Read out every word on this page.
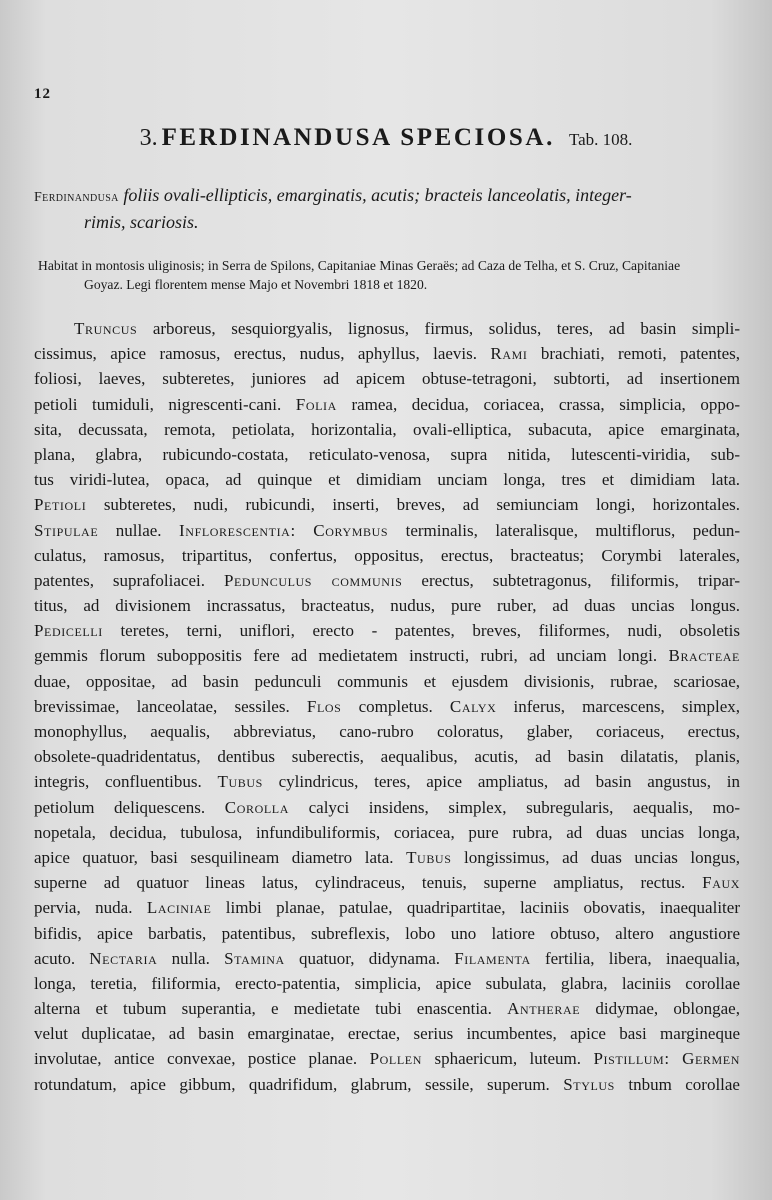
12
3. FERDINANDUSA SPECIOSA. Tab. 108.
Ferdinandusa foliis ovali-ellipticis, emarginatis, acutis; bracteis lanceolatis, integer-
rimis, scariosis.
Habitat in montosis uliginosis; in Serra de Spilons, Capitaniae Minas Geraës; ad Caza de Telha, et S. Cruz, Capitaniae
Goyaz. Legi florentem mense Majo et Novembri 1818 et 1820.
Truncus arboreus, sesquiorgyalis, lignosus, firmus, solidus, teres, ad basin simpli-
cissimus, apice ramosus, erectus, nudus, aphyllus, laevis. Rami brachiati, remoti, patentes,
foliosi, laeves, subteretes, juniores ad apicem obtuse-tetragoni, subtorti, ad insertionem
petioli tumiduli, nigrescenti-cani. Folia ramea, decidua, coriacea, crassa, simplicia, oppo-
sita, decussata, remota, petiolata, horizontalia, ovali-elliptica, subacuta, apice emarginata,
plana, glabra, rubicundo-costata, reticulato-venosa, supra nitida, lutescenti-viridia, sub-
tus viridi-lutea, opaca, ad quinque et dimidiam unciam longa, tres et dimidiam lata.
Petioli subteretes, nudi, rubicundi, inserti, breves, ad semiunciam longi, horizontales.
Stipulae nullae. Inflorescentia: Corymbus terminalis, lateralisque, multiflorus, pedun-
culatus, ramosus, tripartitus, confertus, oppositus, erectus, bracteatus; Corymbi laterales,
patentes, suprafoliacei. Pedunculus communis erectus, subtetragonus, filiformis, tripar-
titus, ad divisionem incrassatus, bracteatus, nudus, pure ruber, ad duas uncias longus.
Pedicelli teretes, terni, uniflori, erecto - patentes, breves, filiformes, nudi, obsoletis
gemmis florum suboppositis fere ad medietatem instructi, rubri, ad unciam longi. Bracteae
duae, oppositae, ad basin pedunculi communis et ejusdem divisionis, rubrae, scariosae,
brevissimae, lanceolatae, sessiles. Flos completus. Calyx inferus, marcescens, simplex,
monophyllus, aequalis, abbreviatus, cano-rubro coloratus, glaber, coriaceus, erectus,
obsolete-quadridentatus, dentibus suberectis, aequalibus, acutis, ad basin dilatatis, planis,
integris, confluentibus. Tubus cylindricus, teres, apice ampliatus, ad basin angustus, in
petiolum deliquescens. Corolla calyci insidens, simplex, subregularis, aequalis, mo-
nopetala, decidua, tubulosa, infundibuliformis, coriacea, pure rubra, ad duas uncias longa,
apice quatuor, basi sesquilineam diametro lata. Tubus longissimus, ad duas uncias longus,
superne ad quatuor lineas latus, cylindraceus, tenuis, superne ampliatus, rectus. Faux
pervia, nuda. Laciniae limbi planae, patulae, quadripartitae, laciniis obovatis, inaequaliter
bifidis, apice barbatis, patentibus, subreflexis, lobo uno latiore obtuso, altero angustiore
acuto. Nectaria nulla. Stamina quatuor, didynama. Filamenta fertilia, libera, inaequalia,
longa, teretia, filiformia, erecto-patentia, simplicia, apice subulata, glabra, laciniis corollae
alterna et tubum superantia, e medietate tubi enascentia. Antherae didymae, oblongae,
velut duplicatae, ad basin emarginatae, erectae, serius incumbentes, apice basi margineque
involutae, antice convexae, postice planae. Pollen sphaericum, luteum. Pistillum: Germen
rotundatum, apice gibbum, quadrifidum, glabrum, sessile, superum. Stylus tnbum corollae
